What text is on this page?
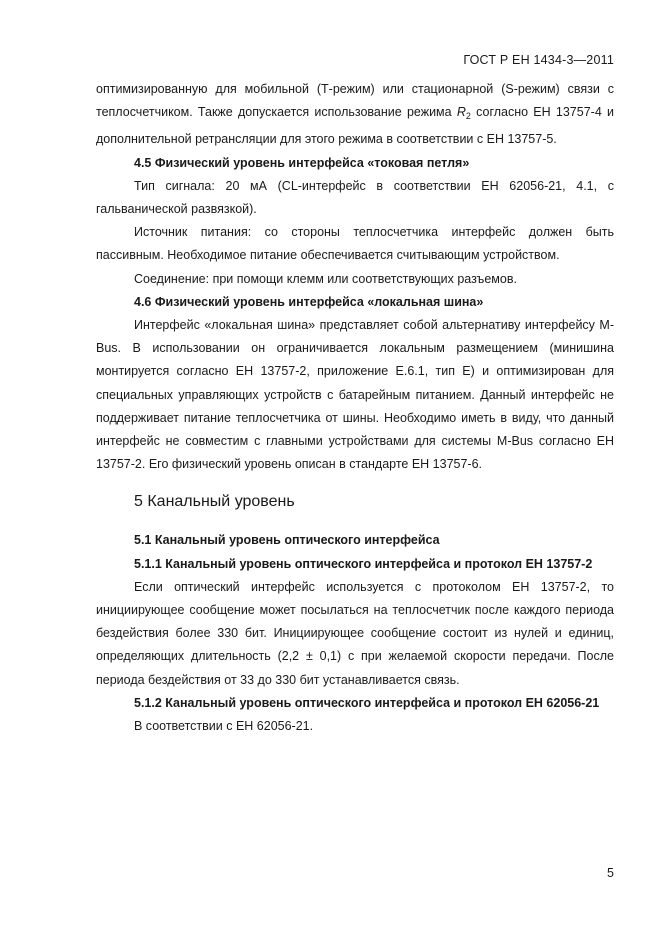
ГОСТ Р ЕН 1434-3—2011

оптимизированную для мобильной (Т-режим) или стационарной (S-режим) связи с теплосчетчиком. Также допускается использование режима $R_2$ согласно ЕН 13757-4 и дополнительной ретрансляции для этого режима в соответствии с ЕН 13757-5.

4.5 Физический уровень интерфейса «токовая петля»

Тип сигнала: 20 мА (CL-интерфейс в соответствии ЕН 62056-21, 4.1, с гальванической развязкой).

Источник питания: со стороны теплосчетчика интерфейс должен быть пассивным. Необходимое питание обеспечивается считывающим устройством.

Соединение: при помощи клемм или соответствующих разъемов.

4.6 Физический уровень интерфейса «локальная шина»

Интерфейс «локальная шина» представляет собой альтернативу интерфейсу M-Bus. В использовании он ограничивается локальным размещением (минишина монтируется согласно ЕН 13757-2, приложение Е.6.1, тип Е) и оптимизирован для специальных управляющих устройств с батарейным питанием. Данный интерфейс не поддерживает питание теплосчетчика от шины. Необходимо иметь в виду, что данный интерфейс не совместим с главными устройствами для системы M-Bus согласно ЕН 13757-2. Его физический уровень описан в стандарте ЕН 13757-6.

5 Канальный уровень

5.1 Канальный уровень оптического интерфейса

5.1.1 Канальный уровень оптического интерфейса и протокол ЕН 13757-2

Если оптический интерфейс используется с протоколом ЕН 13757-2, то инициирующее сообщение может посылаться на теплосчетчик после каждого периода бездействия более 330 бит. Инициирующее сообщение состоит из нулей и единиц, определяющих длительность (2,2 ± 0,1) с при желаемой скорости передачи. После периода бездействия от 33 до 330 бит устанавливается связь.

5.1.2 Канальный уровень оптического интерфейса и протокол ЕН 62056-21

В соответствии с ЕН 62056-21.

5
